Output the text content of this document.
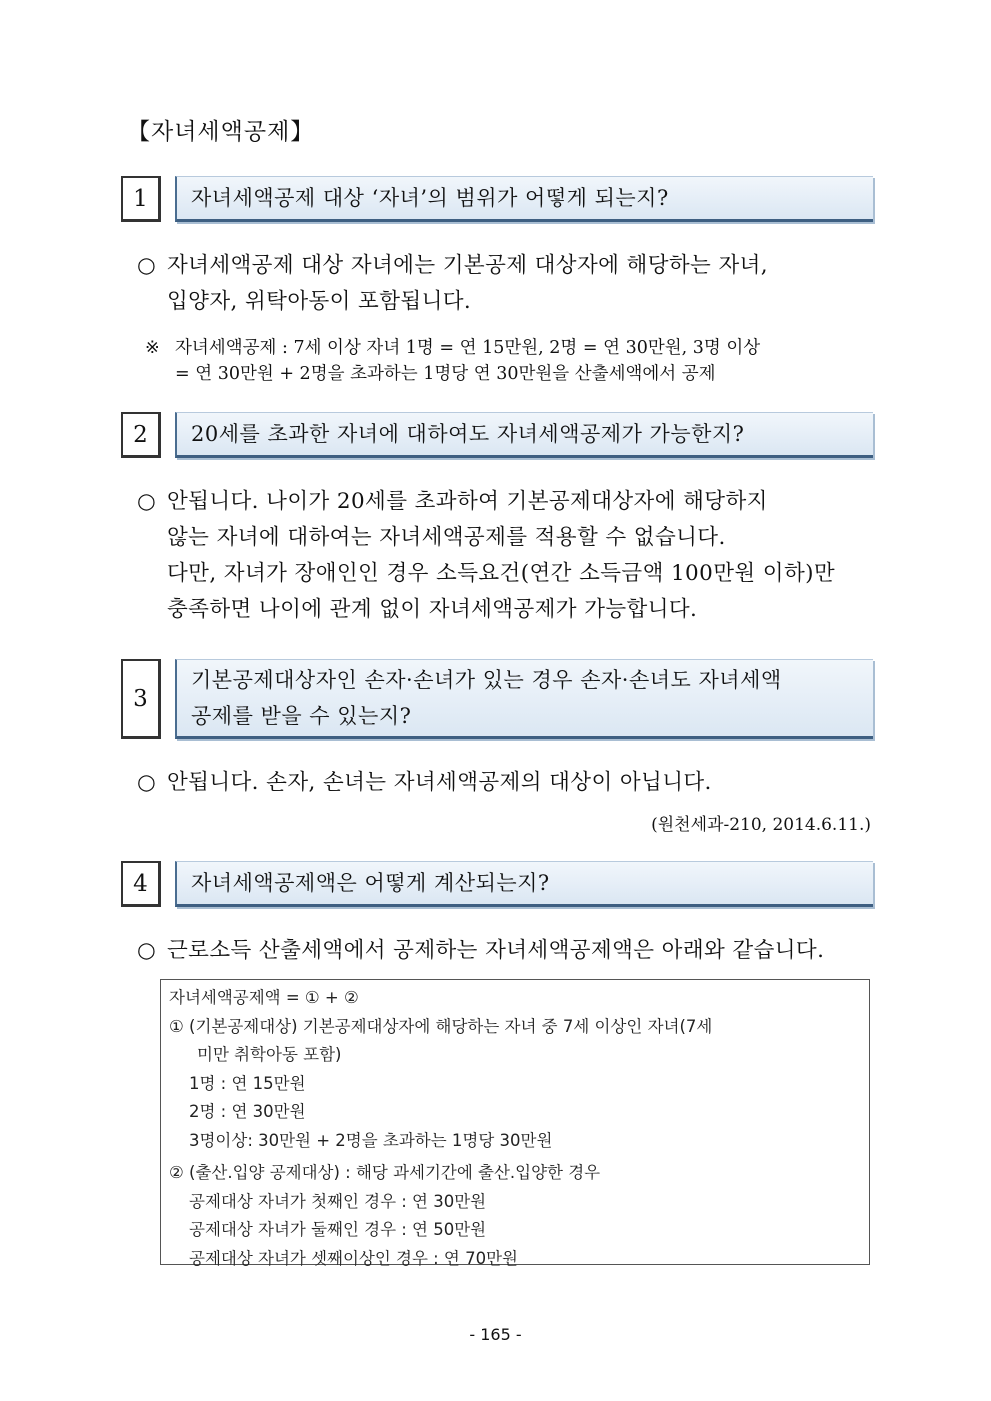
【자녀세액공제】
1	자녀세액공제 대상 ‘자녀’의 범위가 어떻게 되는지?
○ 자녀세액공제 대상 자녀에는 기본공제 대상자에 해당하는 자녀,
입양자, 위탁아동이 포함됩니다.
※ 자녀세액공제 : 7세 이상 자녀 1명 = 연 15만원, 2명 = 연 30만원, 3명 이상
= 연 30만원 + 2명을 초과하는 1명당 연 30만원을 산출세액에서 공제
2	20세를 초과한 자녀에 대하여도 자녀세액공제가 가능한지?
○ 안됩니다. 나이가 20세를 초과하여 기본공제대상자에 해당하지
않는 자녀에 대하여는 자녀세액공제를 적용할 수 없습니다.
다만, 자녀가 장애인인 경우 소득요건(연간 소득금액 100만원 이하)만
충족하면 나이에 관계 없이 자녀세액공제가 가능합니다.
3
기본공제대상자인 손자·손녀가 있는 경우 손자·손녀도 자녀세액
공제를 받을 수 있는지?
○ 안됩니다. 손자, 손녀는 자녀세액공제의 대상이 아닙니다.
(원천세과-210, 2014.6.11.)
4	자녀세액공제액은 어떻게 계산되는지?
○ 근로소득 산출세액에서 공제하는 자녀세액공제액은 아래와 같습니다.
자녀세액공제액 = ① + ②
① (기본공제대상) 기본공제대상자에 해당하는 자녀 중 7세 이상인 자녀(7세
미만 취학아동 포함)
1명 : 연 15만원
2명 : 연 30만원
3명이상: 30만원 + 2명을 초과하는 1명당 30만원
② (출산.입양 공제대상) : 해당 과세기간에 출산.입양한 경우
공제대상 자녀가 첫째인 경우 : 연 30만원
공제대상 자녀가 둘째인 경우 : 연 50만원
공제대상 자녀가 셋째이상인 경우 : 연 70만원
- 165 -
